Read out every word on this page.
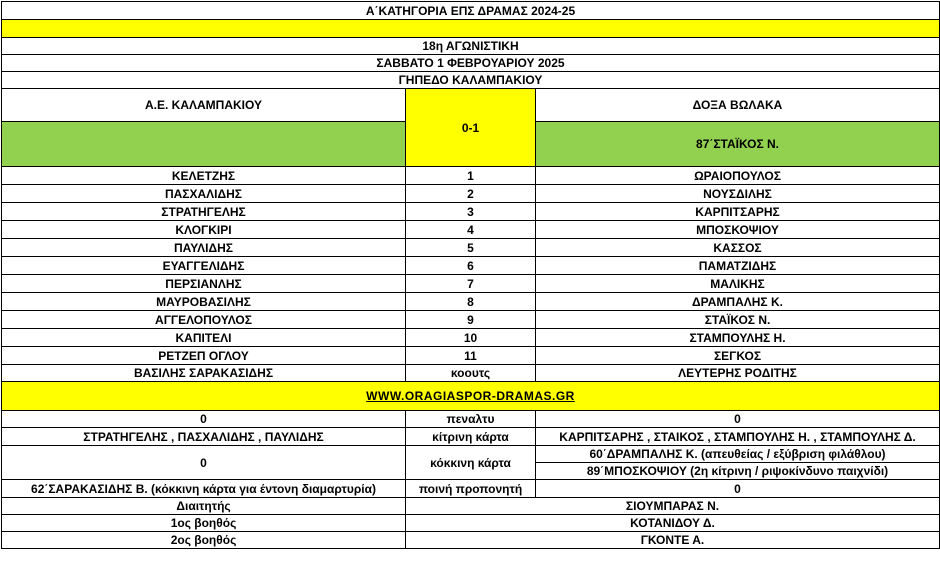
Α΄ΚΑΤΗΓΟΡΙΑ ΕΠΣ ΔΡΑΜΑΣ 2024-25		

18η ΑΓΩΝΙΣΤΙΚΗ		
ΣΑΒΒΑΤΟ 1 ΦΕΒΡΟΥΑΡΙΟΥ 2025		
ΓΗΠΕΔΟ ΚΑΛΑΜΠΑΚΙΟΥ		
Α.Ε. ΚΑΛΑΜΠΑΚΙΟΥ	0-1	ΔΟΞΑ ΒΩΛΑΚΑ
		87΄ΣΤΑΪΚΟΣ Ν.
ΚΕΛΕΤΖΗΣ	1	ΩΡΑΙΟΠΟΥΛΟΣ
ΠΑΣΧΑΛΙΔΗΣ	2	ΝΟΥΣΔΙΛΗΣ
ΣΤΡΑΤΗΓΕΛΗΣ	3	ΚΑΡΠΙΤΣΑΡΗΣ
ΚΛΟΓΚΙΡΙ	4	ΜΠΟΣΚΟΨΙΟΥ
ΠΑΥΛΙΔΗΣ	5	ΚΑΣΣΟΣ
ΕΥΑΓΓΕΛΙΔΗΣ	6	ΠΑΜΑΤΖΙΔΗΣ
ΠΕΡΣΙΑΝΛΗΣ	7	ΜΑΛΙΚΗΣ
ΜΑΥΡΟΒΑΣΙΛΗΣ	8	ΔΡΑΜΠΑΛΗΣ Κ.
ΑΓΓΕΛΟΠΟΥΛΟΣ	9	ΣΤΑΪΚΟΣ Ν.
ΚΑΠΙΤΕΛΙ	10	ΣΤΑΜΠΟΥΛΗΣ Η.
ΡΕΤΖΕΠ ΟΓΛΟΥ	11	ΣΕΓΚΟΣ
ΒΑΣΙΛΗΣ ΣΑΡΑΚΑΣΙΔΗΣ	κοουτς	ΛΕΥΤΕΡΗΣ ΡΟΔΙΤΗΣ
WWW.ORAGIASPOR-DRAMAS.GR		
0	πεναλτυ	0
ΣΤΡΑΤΗΓΕΛΗΣ , ΠΑΣΧΑΛΙΔΗΣ , ΠΑΥΛΙΔΗΣ	κίτρινη κάρτα	ΚΑΡΠΙΤΣΑΡΗΣ , ΣΤΑΙΚΟΣ , ΣΤΑΜΠΟΥΛΗΣ Η. , ΣΤΑΜΠΟΥΛΗΣ Δ.
0	κόκκινη κάρτα	60΄ΔΡΑΜΠΑΛΗΣ Κ. (απευθείας / εξύβριση φιλάθλου)
		89΄ΜΠΟΣΚΟΨΙΟΥ (2η κίτρινη / ριψοκίνδυνο παιχνίδι)
62΄ΣΑΡΑΚΑΣΙΔΗΣ Β. (κόκκινη κάρτα για έντονη διαμαρτυρία)	ποινή προπονητή	0
Διαιτητής	ΣΙΟΥΜΠΑΡΑΣ Ν.	
1ος βοηθός	ΚΟΤΑΝΙΔΟΥ Δ.	
2ος βοηθός	ΓΚΟΝΤΕ Α.	
